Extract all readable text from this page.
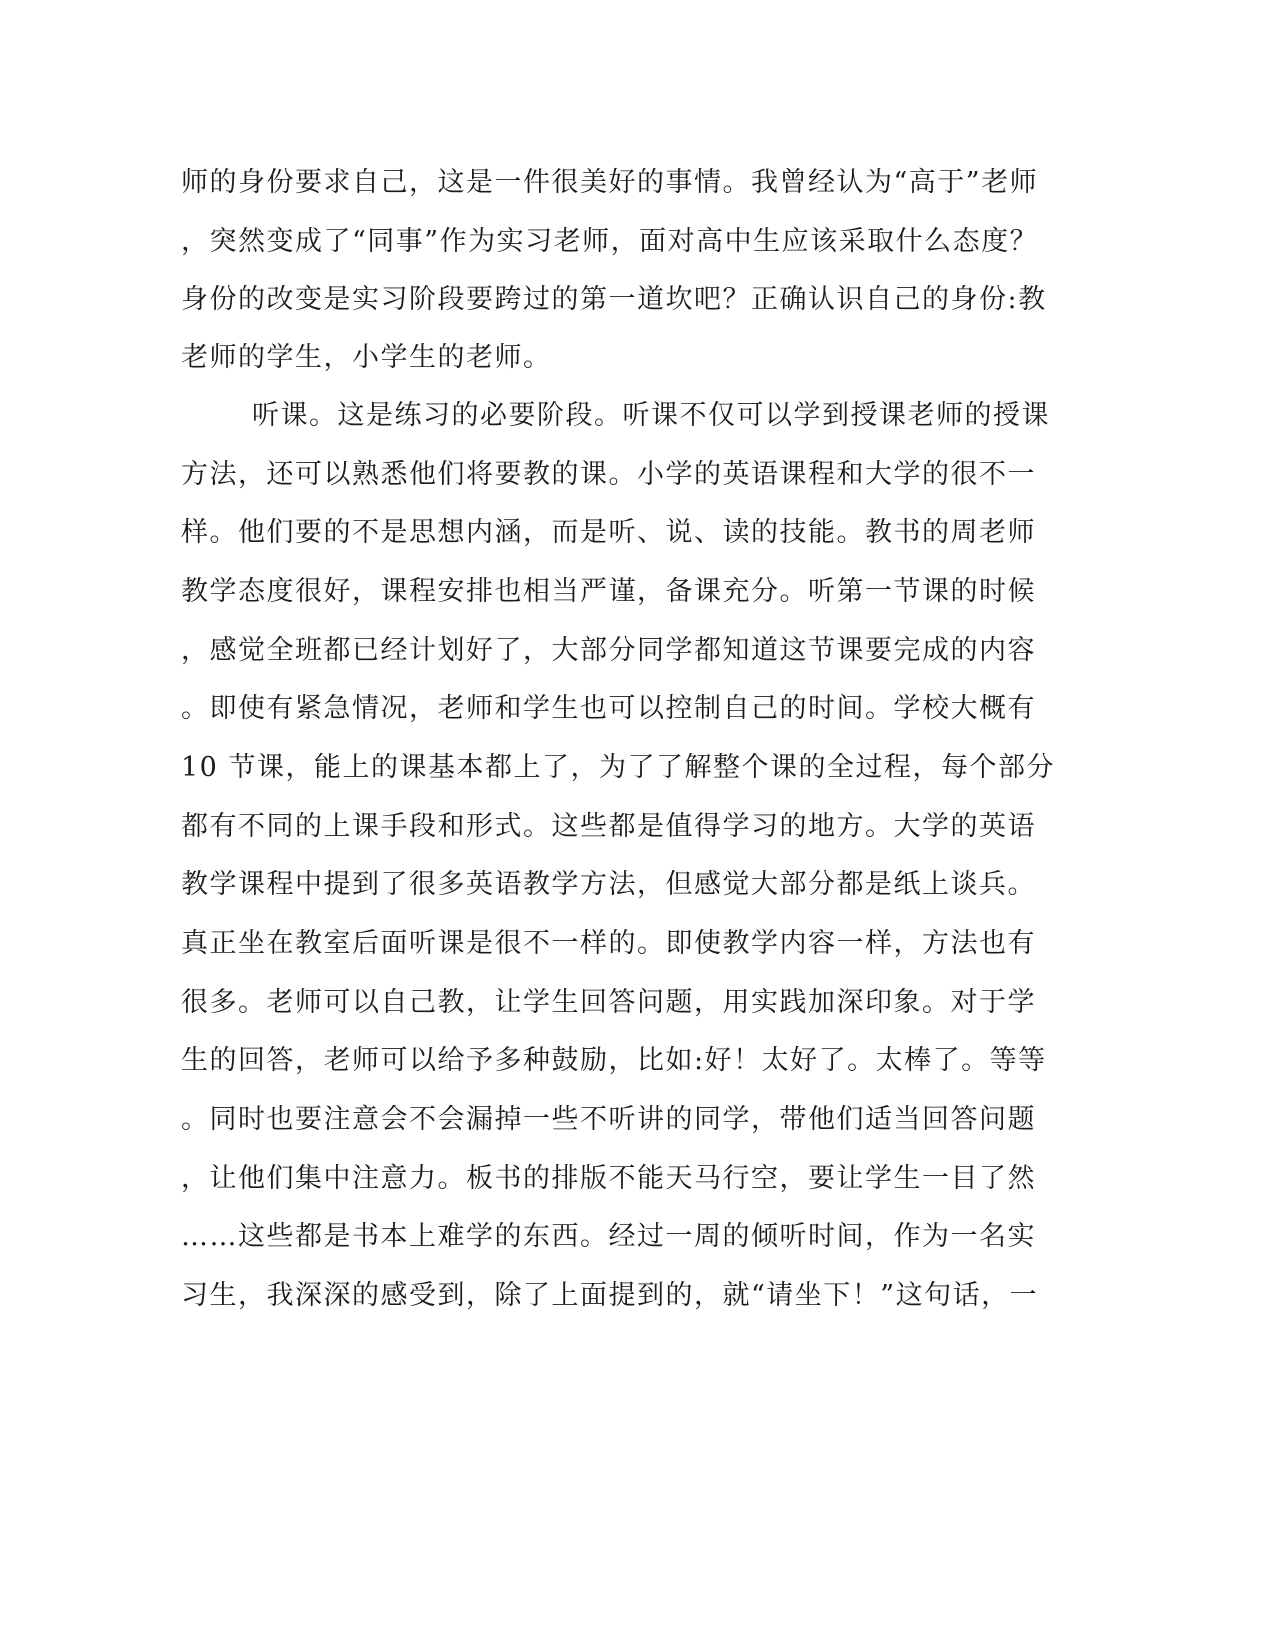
师的身份要求自己，这是一件很美好的事情。我曾经认为“高于”老师
，突然变成了“同事”作为实习老师，面对高中生应该采取什么态度？
身份的改变是实习阶段要跨过的第一道坎吧？正确认识自己的身份:教
老师的学生，小学生的老师。
听课。这是练习的必要阶段。听课不仅可以学到授课老师的授课
方法，还可以熟悉他们将要教的课。小学的英语课程和大学的很不一
样。他们要的不是思想内涵，而是听、说、读的技能。教书的周老师
教学态度很好，课程安排也相当严谨，备课充分。听第一节课的时候
，感觉全班都已经计划好了，大部分同学都知道这节课要完成的内容
。即使有紧急情况，老师和学生也可以控制自己的时间。学校大概有
10 节课，能上的课基本都上了，为了了解整个课的全过程，每个部分
都有不同的上课手段和形式。这些都是值得学习的地方。大学的英语
教学课程中提到了很多英语教学方法，但感觉大部分都是纸上谈兵。
真正坐在教室后面听课是很不一样的。即使教学内容一样，方法也有
很多。老师可以自己教，让学生回答问题，用实践加深印象。对于学
生的回答，老师可以给予多种鼓励，比如:好！太好了。太棒了。等等
。同时也要注意会不会漏掉一些不听讲的同学，带他们适当回答问题
，让他们集中注意力。板书的排版不能天马行空，要让学生一目了然
……这些都是书本上难学的东西。经过一周的倾听时间，作为一名实
习生，我深深的感受到，除了上面提到的，就“请坐下！”这句话，一
